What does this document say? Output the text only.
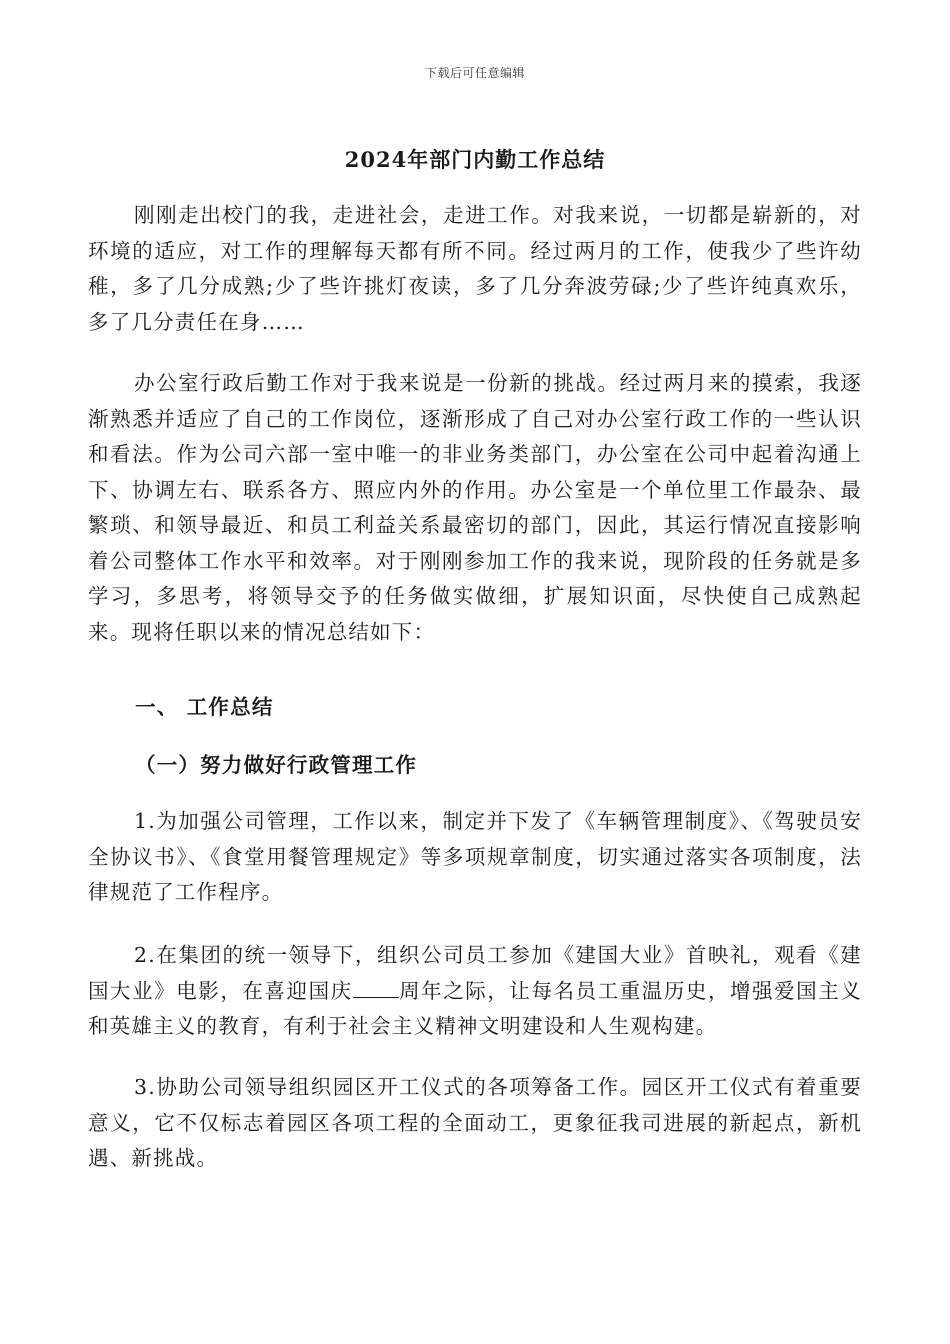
下载后可任意编辑
2024年部门内勤工作总结

刚刚走出校门的我，走进社会，走进工作。对我来说，一切都是崭新的，对环境的适应，对工作的理解每天都有所不同。经过两月的工作，使我少了些许幼稚，多了几分成熟;少了些许挑灯夜读，多了几分奔波劳碌;少了些许纯真欢乐，多了几分责任在身……

办公室行政后勤工作对于我来说是一份新的挑战。经过两月来的摸索，我逐渐熟悉并适应了自己的工作岗位，逐渐形成了自己对办公室行政工作的一些认识和看法。作为公司六部一室中唯一的非业务类部门，办公室在公司中起着沟通上下、协调左右、联系各方、照应内外的作用。办公室是一个单位里工作最杂、最繁琐、和领导最近、和员工利益关系最密切的部门，因此，其运行情况直接影响着公司整体工作水平和效率。对于刚刚参加工作的我来说，现阶段的任务就是多学习，多思考，将领导交予的任务做实做细，扩展知识面，尽快使自己成熟起来。现将任职以来的情况总结如下：

一、 工作总结
（一）努力做好行政管理工作

1.为加强公司管理，工作以来，制定并下发了《车辆管理制度》、《驾驶员安全协议书》、《食堂用餐管理规定》等多项规章制度，切实通过落实各项制度，法律规范了工作程序。

2.在集团的统一领导下，组织公司员工参加《建国大业》首映礼，观看《建国大业》电影，在喜迎国庆 周年之际，让每名员工重温历史，增强爱国主义和英雄主义的教育，有利于社会主义精神文明建设和人生观构建。

3.协助公司领导组织园区开工仪式的各项筹备工作。园区开工仪式有着重要意义，它不仅标志着园区各项工程的全面动工，更象征我司进展的新起点，新机遇、新挑战。
